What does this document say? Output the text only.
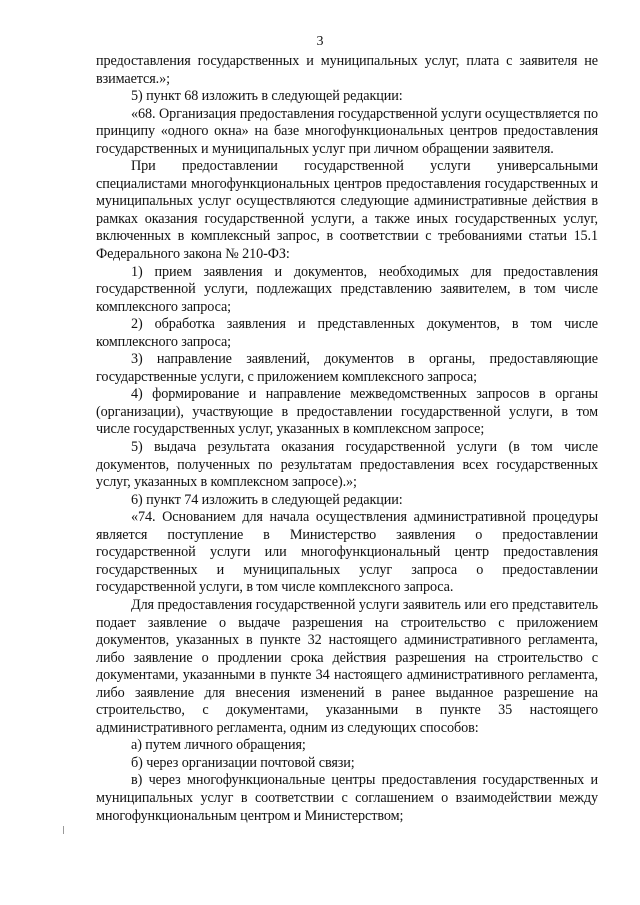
3

предоставления государственных и муниципальных услуг, плата с заявителя не взимается.»;

5) пункт 68 изложить в следующей редакции:

«68. Организация предоставления государственной услуги осуществляется по принципу «одного окна» на базе многофункциональных центров предоставления государственных и муниципальных услуг при личном обращении заявителя.

При предоставлении государственной услуги универсальными специалистами многофункциональных центров предоставления государственных и муниципальных услуг осуществляются следующие административные действия в рамках оказания государственной услуги, а также иных государственных услуг, включенных в комплексный запрос, в соответствии с требованиями статьи 15.1 Федерального закона № 210-ФЗ:

1) прием заявления и документов, необходимых для предоставления государственной услуги, подлежащих представлению заявителем, в том числе комплексного запроса;

2) обработка заявления и представленных документов, в том числе комплексного запроса;

3) направление заявлений, документов в органы, предоставляющие государственные услуги, с приложением комплексного запроса;

4) формирование и направление межведомственных запросов в органы (организации), участвующие в предоставлении государственной услуги, в том числе государственных услуг, указанных в комплексном запросе;

5) выдача результата оказания государственной услуги (в том числе документов, полученных по результатам предоставления всех государственных услуг, указанных в комплексном запросе).»;

6) пункт 74 изложить в следующей редакции:

«74. Основанием для начала осуществления административной процедуры является поступление в Министерство заявления о предоставлении государственной услуги или многофункциональный центр предоставления государственных и муниципальных услуг запроса о предоставлении государственной услуги, в том числе комплексного запроса.

Для предоставления государственной услуги заявитель или его представитель подает заявление о выдаче разрешения на строительство с приложением документов, указанных в пункте 32 настоящего административного регламента, либо заявление о продлении срока действия разрешения на строительство с документами, указанными в пункте 34 настоящего административного регламента, либо заявление для внесения изменений в ранее выданное разрешение на строительство, с документами, указанными в пункте 35 настоящего административного регламента, одним из следующих способов:

а) путем личного обращения;

б) через организации почтовой связи;

в) через многофункциональные центры предоставления государственных и муниципальных услуг в соответствии с соглашением о взаимодействии между многофункциональным центром и Министерством;
